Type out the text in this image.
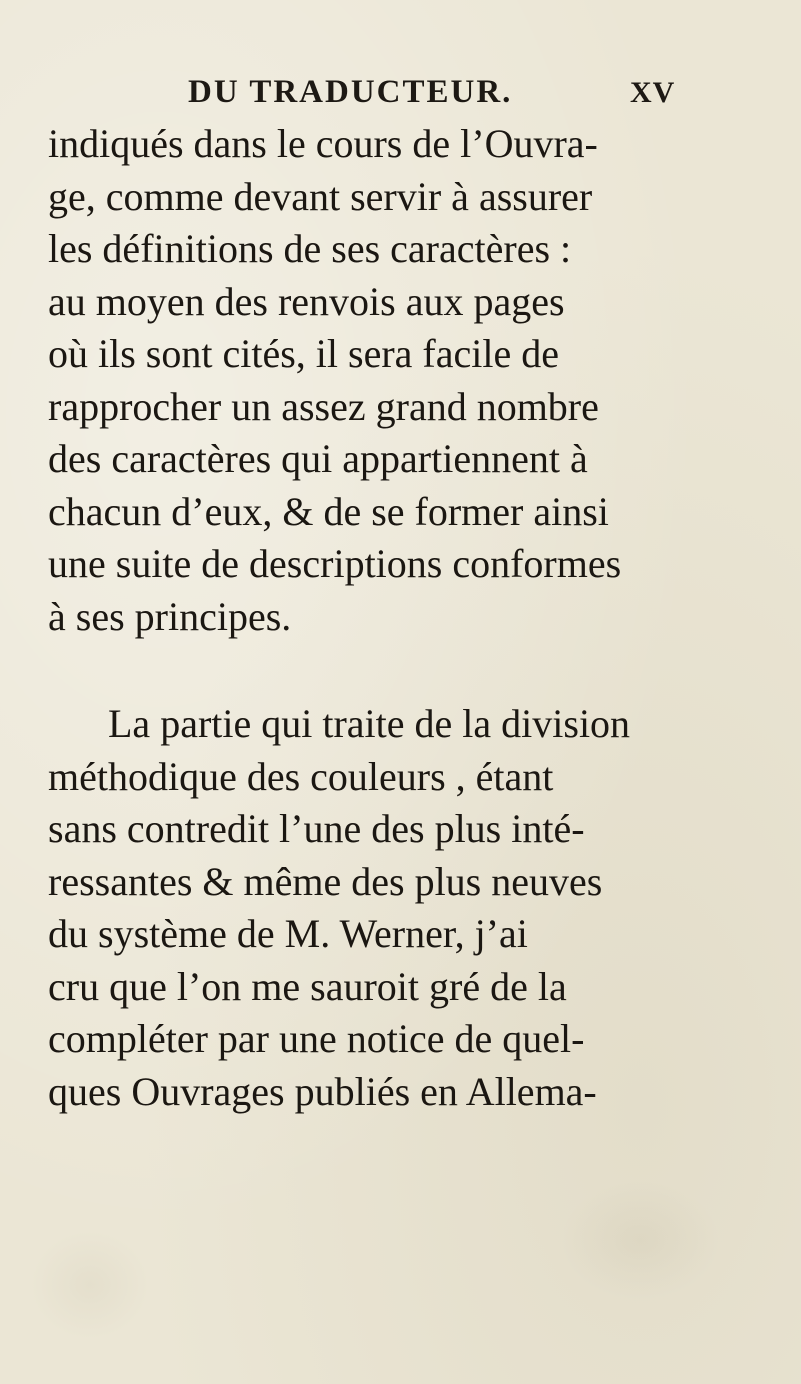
DU TRADUCTEUR.	XV
indiqués dans le cours de l’Ouvra-
ge, comme devant servir à assurer
les définitions de ses caractères :
au moyen des renvois aux pages
où ils sont cités, il sera facile de
rapprocher un assez grand nombre
des caractères qui appartiennent à
chacun d’eux, & de se former ainsi
une suite de descriptions conformes
à ses principes.
La partie qui traite de la division
méthodique des couleurs , étant
sans contredit l’une des plus inté-
ressantes & même des plus neuves
du système de M. Werner, j’ai
cru que l’on me sauroit gré de la
compléter par une notice de quel-
ques Ouvrages publiés en Allema-
